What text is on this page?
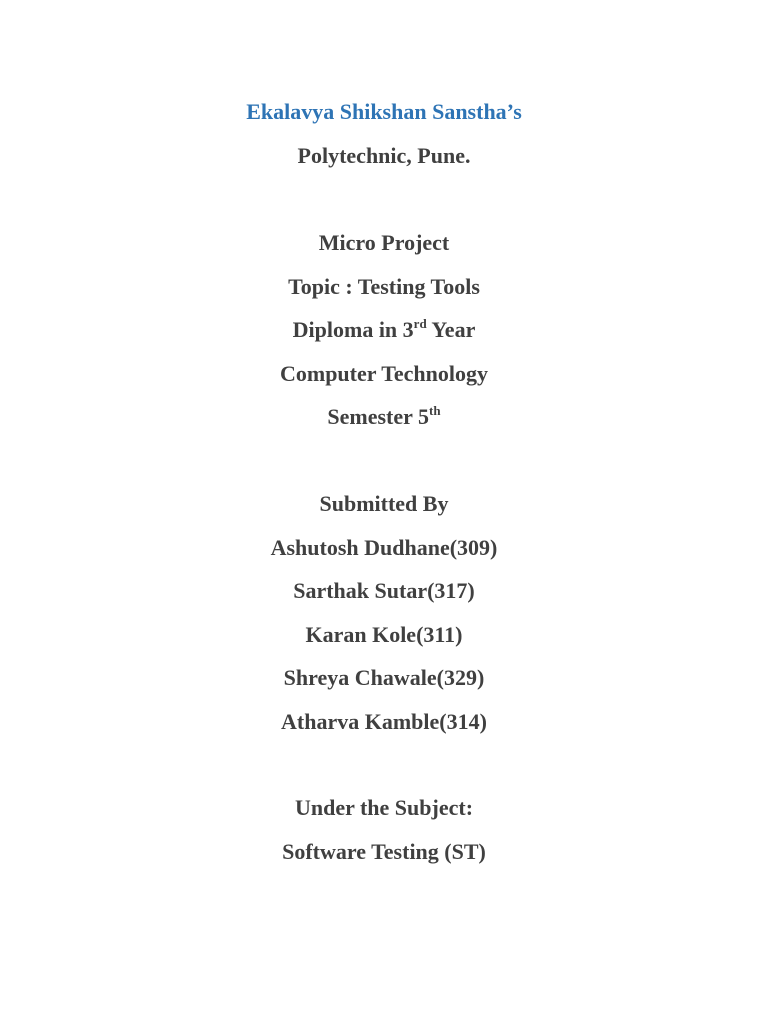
Ekalavya Shikshan Sanstha’s
Polytechnic, Pune.
Micro Project
Topic : Testing Tools
Diploma in 3rd Year
Computer Technology
Semester 5th
Submitted By
Ashutosh Dudhane(309)
Sarthak Sutar(317)
Karan Kole(311)
Shreya Chawale(329)
Atharva Kamble(314)
Under the Subject:
Software Testing (ST)
